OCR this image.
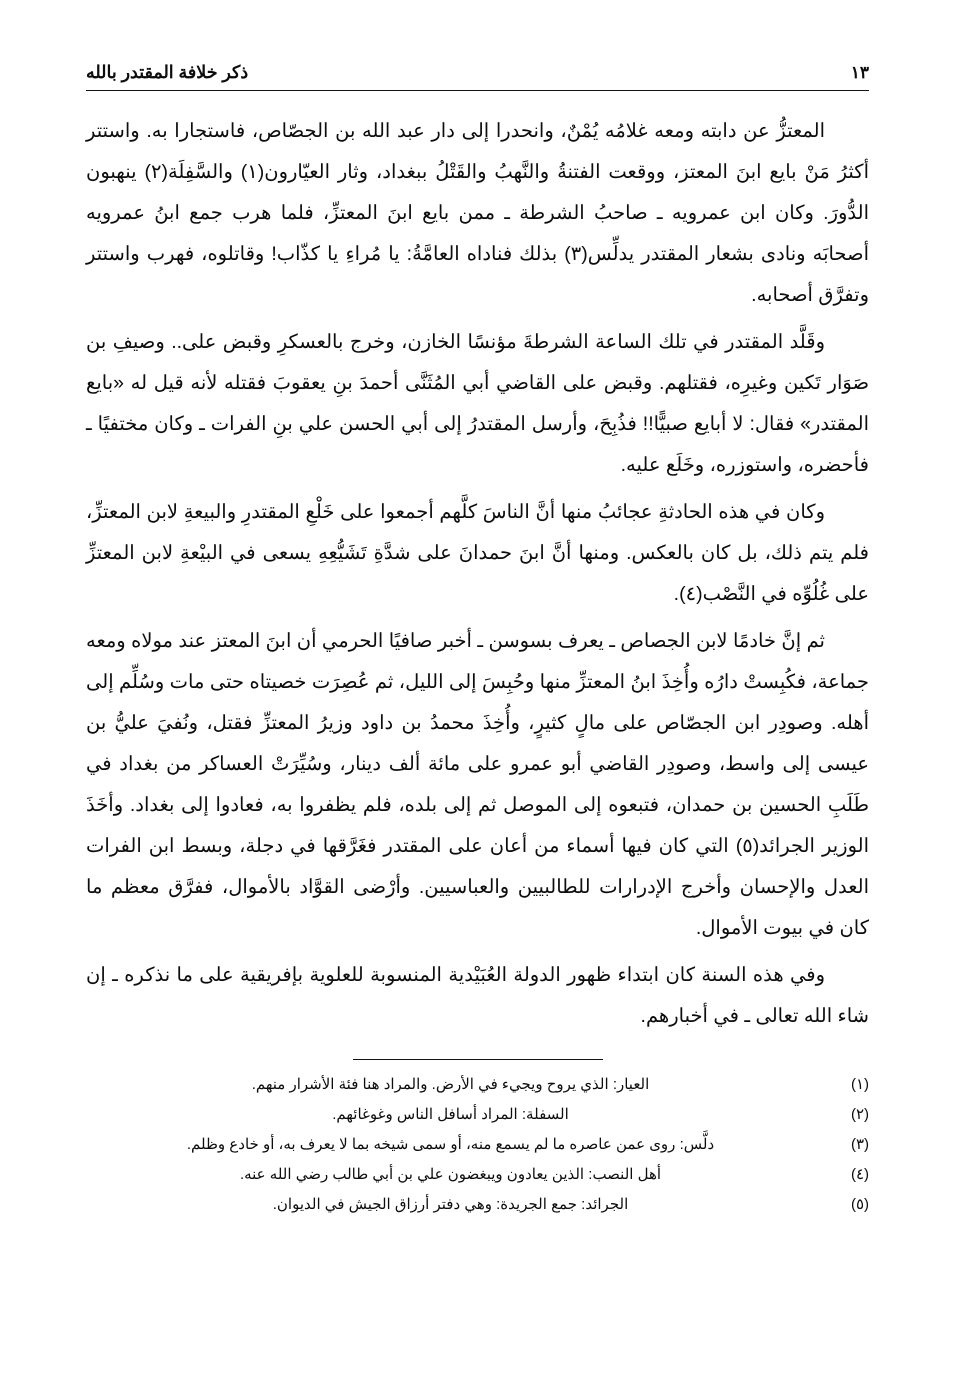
ذكر خلافة المقتدر بالله	١٣

المعتزُّ عن دابته ومعه غلامُه يُمْنٌ، وانحدرا إلى دار عبد الله بن الجصّاص، فاستجارا به. واستتر أكثرُ مَنْ بايع ابنَ المعتز، ووقعت الفتنةُ والنَّهبُ والقَتْلُ ببغداد، وثار العيّارون(١) والسَّفِلَة(٢) ينهبون الدُّورَ. وكان ابن عمرويه ـ صاحبُ الشرطة ـ ممن بايع ابنَ المعتزِّ، فلما هرب جمع ابنُ عمرويه أصحابَه ونادى بشعار المقتدر يدلِّس(٣) بذلك فناداه العامَّةُ: يا مُراءِ يا كذّاب! وقاتلوه، فهرب واستتر وتفرَّق أصحابه.

وقَلَّد المقتدر في تلك الساعة الشرطةَ مؤنسًا الخازن، وخرج بالعسكرِ وقبض على.. وصيفِ بن صَوَار تَكين وغيرِه، فقتلهم. وقبض على القاضي أبي المُثَنَّى أحمدَ بنِ يعقوبَ فقتله لأنه قيل له «بايع المقتدر» فقال: لا أبايع صبيًّا!! فذُبِحَ، وأرسل المقتدرُ إلى أبي الحسن علي بنِ الفرات ـ وكان مختفيًا ـ فأحضره، واستوزره، وخَلَع عليه.

وكان في هذه الحادثةِ عجائبُ منها أنَّ الناسَ كلَّهم أجمعوا على خَلْعِ المقتدرِ والبيعةِ لابن المعتزِّ، فلم يتم ذلك، بل كان بالعكس. ومنها أنَّ ابنَ حمدانَ على شدَّةِ تَشَيُّعِهِ يسعى في البيْعةِ لابن المعتزِّ على غُلُوِّه في النَّصْب(٤).

ثم إنَّ خادمًا لابن الجصاص ـ يعرف بسوسن ـ أخبر صافيًا الحرمي أن ابنَ المعتز عند مولاه ومعه جماعة، فكُبِستْ دارُه وأُخِذَ ابنُ المعتزِّ منها وحُبِسَ إلى الليل، ثم عُصِرَت خصيتاه حتى مات وسُلِّم إلى أهله. وصودِر ابن الجصّاص على مالٍ كثيرٍ، وأُخِذَ محمدُ بن داود وزيرُ المعتزِّ فقتل، ونُفيَ عليُّ بن عيسى إلى واسط، وصودِر القاضي أبو عمرو على مائة ألف دينار، وسُيِّرَتْ العساكر من بغداد في طَلَبِ الحسين بن حمدان، فتبعوه إلى الموصل ثم إلى بلده، فلم يظفروا به، فعادوا إلى بغداد. وأخَذَ الوزير الجرائد(٥) التي كان فيها أسماء من أعان على المقتدر فغَرَّقها في دجلة، وبسط ابن الفرات العدل والإحسان وأخرج الإدرارات للطالبيين والعباسيين. وأرْضى القوَّاد بالأموال، ففرَّق معظم ما كان في بيوت الأموال.

وفي هذه السنة كان ابتداء ظهور الدولة العُبَيْدية المنسوبة للعلوية بإفريقية على ما نذكره ـ إن شاء الله تعالى ـ في أخبارهم.

(١)
العيار: الذي يروح ويجيء في الأرض. والمراد هنا فئة الأشرار منهم.
(٢)
السفلة: المراد أسافل الناس وغوغائهم.
(٣)
دلَّس: روى عمن عاصره ما لم يسمع منه، أو سمى شيخه بما لا يعرف به، أو خادع وظلم.
(٤)
أهل النصب: الذين يعادون ويبغضون علي بن أبي طالب رضي الله عنه.
(٥)
الجرائد: جمع الجريدة: وهي دفتر أرزاق الجيش في الديوان.
